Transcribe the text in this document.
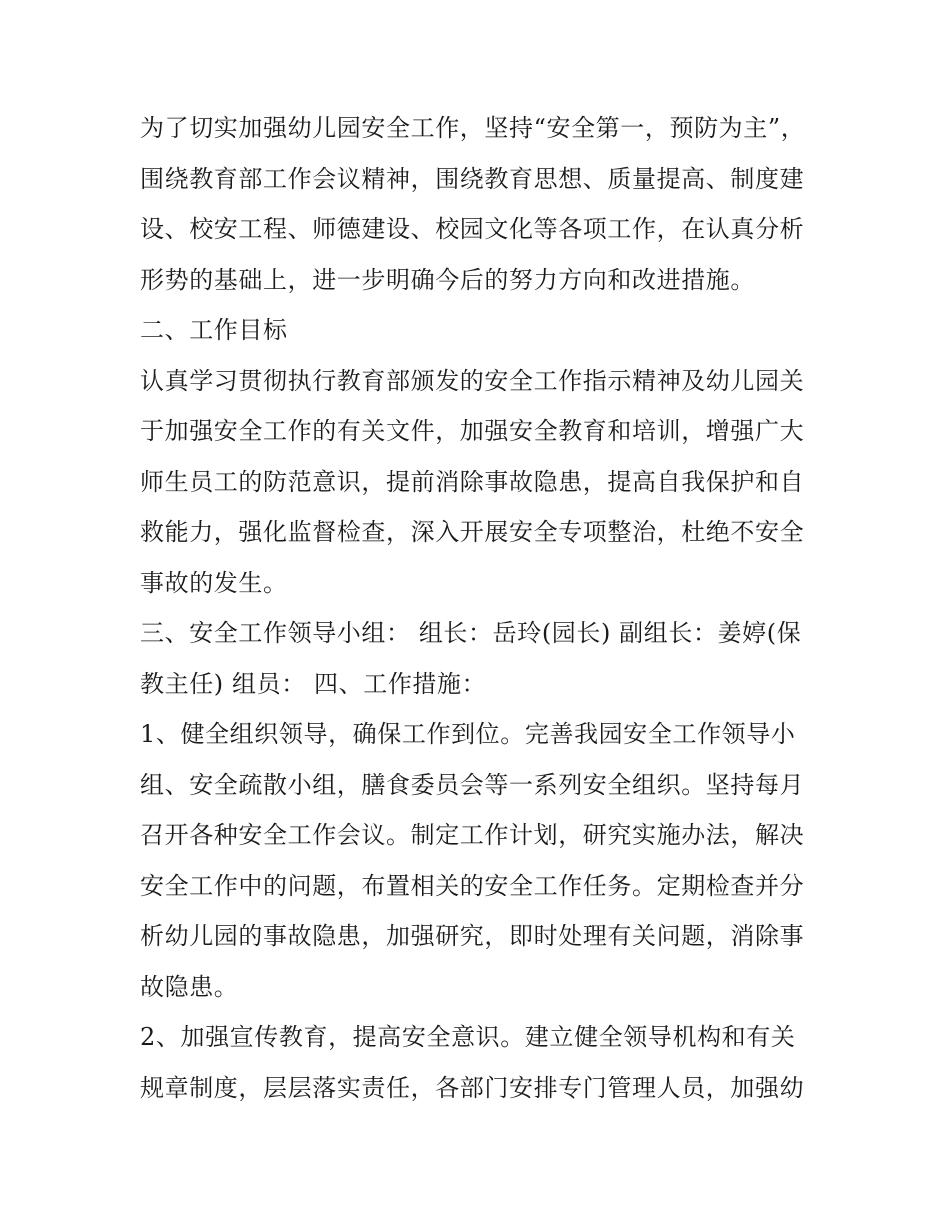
为了切实加强幼儿园安全工作，坚持“安全第一，预防为主”，
围绕教育部工作会议精神，围绕教育思想、质量提高、制度建
设、校安工程、师德建设、校园文化等各项工作，在认真分析
形势的基础上，进一步明确今后的努力方向和改进措施。
二、工作目标
认真学习贯彻执行教育部颁发的安全工作指示精神及幼儿园关
于加强安全工作的有关文件，加强安全教育和培训，增强广大
师生员工的防范意识，提前消除事故隐患，提高自我保护和自
救能力，强化监督检查，深入开展安全专项整治，杜绝不安全
事故的发生。
三、安全工作领导小组： 组长：岳玲(园长) 副组长：姜婷(保
教主任) 组员： 四、工作措施：
1、健全组织领导，确保工作到位。完善我园安全工作领导小
组、安全疏散小组，膳食委员会等一系列安全组织。坚持每月
召开各种安全工作会议。制定工作计划，研究实施办法，解决
安全工作中的问题，布置相关的安全工作任务。定期检查并分
析幼儿园的事故隐患，加强研究，即时处理有关问题，消除事
故隐患。
2、加强宣传教育，提高安全意识。建立健全领导机构和有关
规章制度，层层落实责任，各部门安排专门管理人员，加强幼
